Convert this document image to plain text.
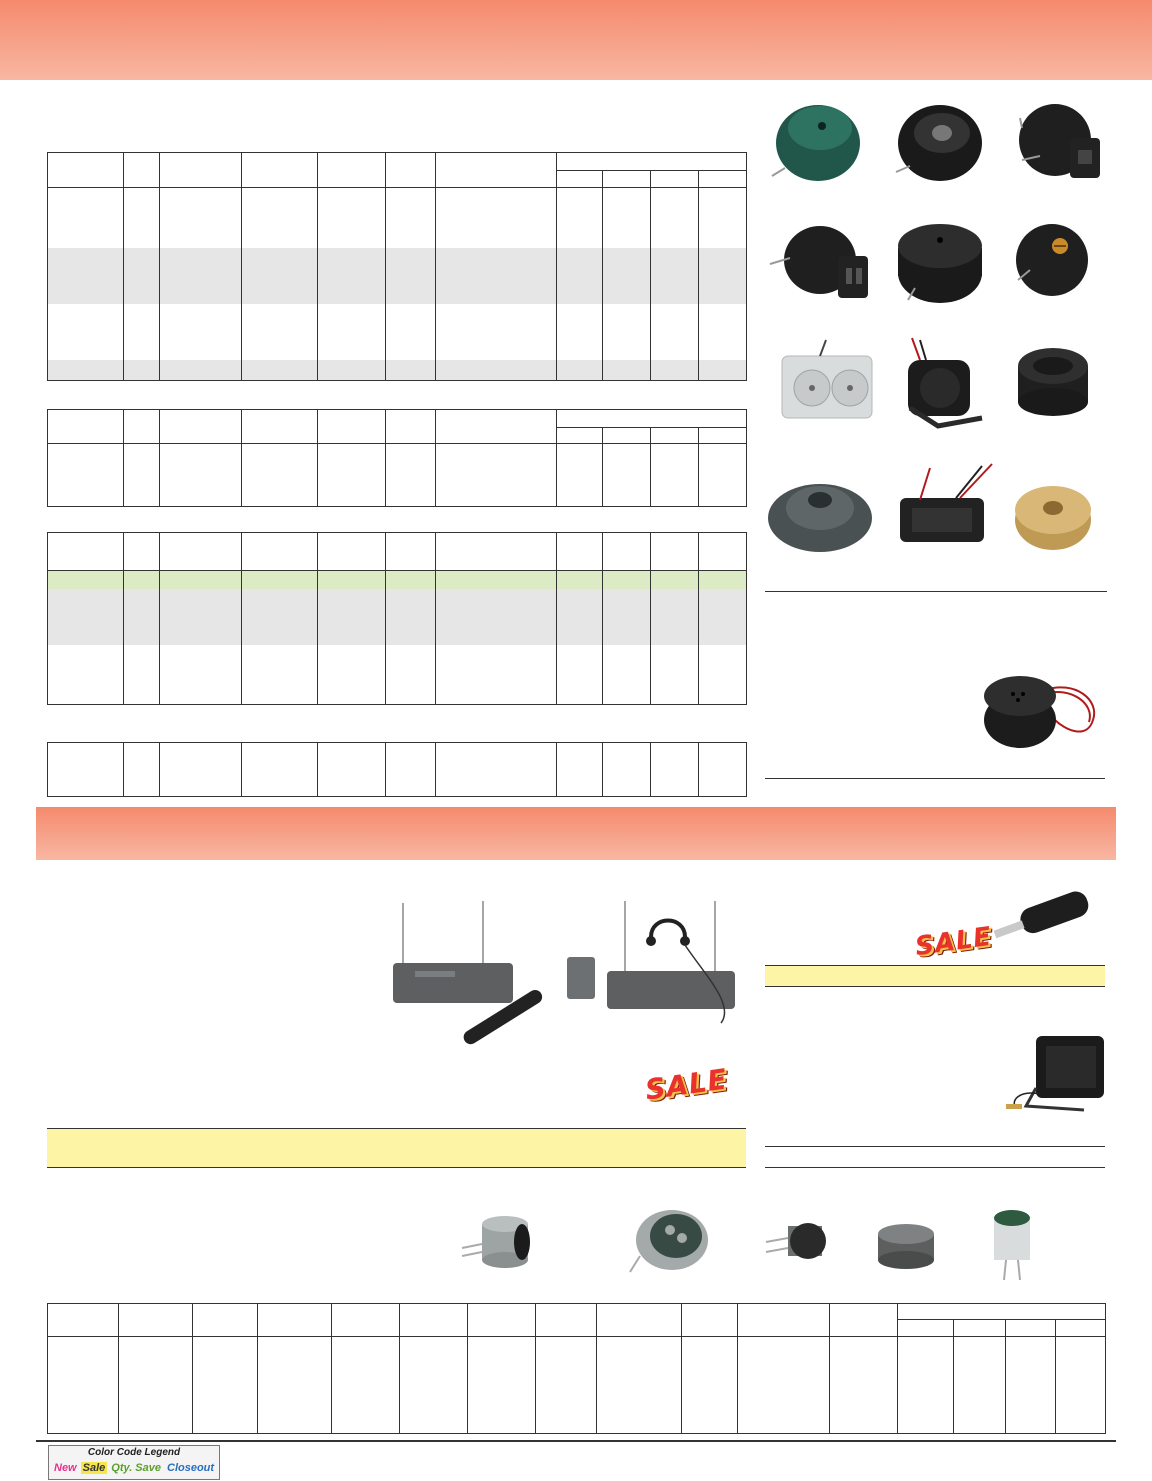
SALE
SALE

Color Code Legend
New Sale Qty. Save Closeout
